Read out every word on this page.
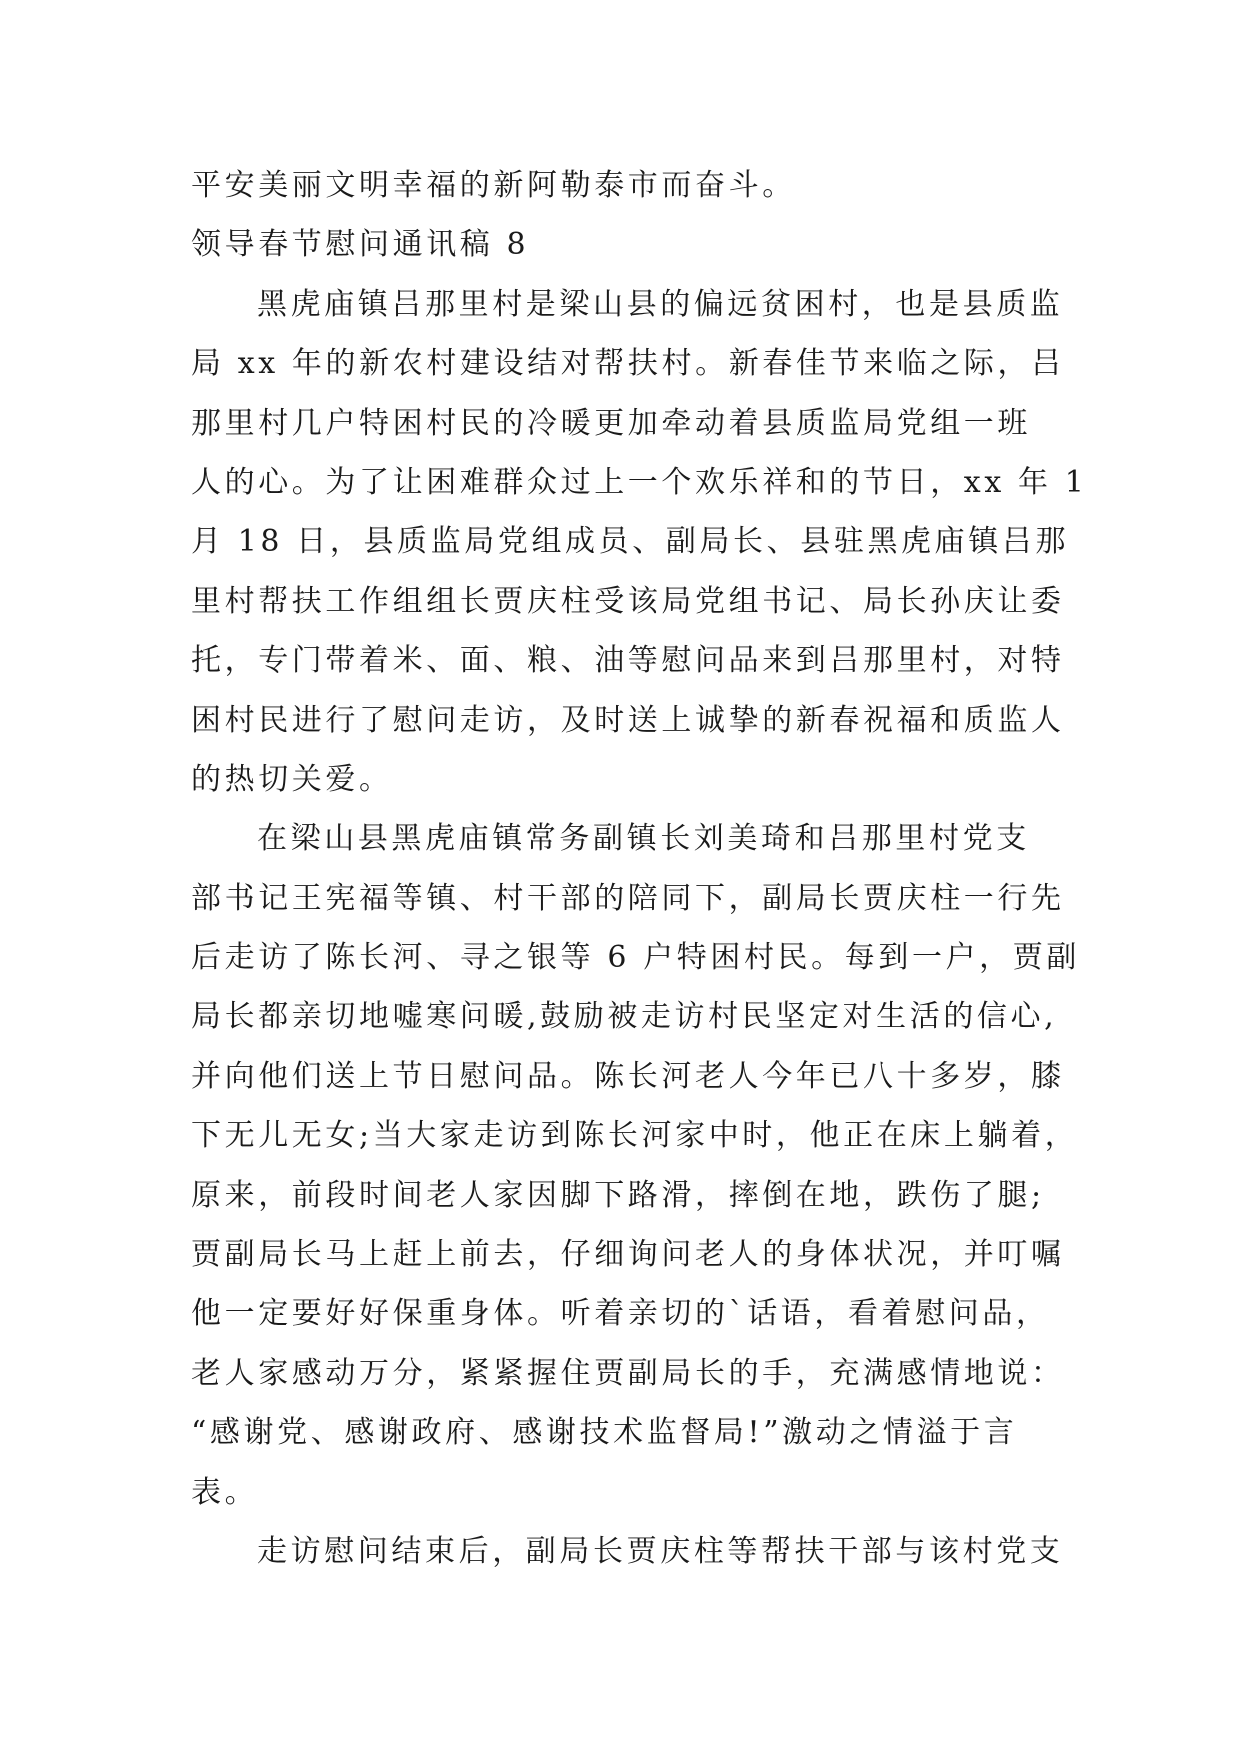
平安美丽文明幸福的新阿勒泰市而奋斗。
领导春节慰问通讯稿 8
黑虎庙镇吕那里村是梁山县的偏远贫困村，也是县质监
局 xx 年的新农村建设结对帮扶村。新春佳节来临之际，吕
那里村几户特困村民的冷暖更加牵动着县质监局党组一班
人的心。为了让困难群众过上一个欢乐祥和的节日，xx 年 1
月 18 日，县质监局党组成员、副局长、县驻黑虎庙镇吕那
里村帮扶工作组组长贾庆柱受该局党组书记、局长孙庆让委
托，专门带着米、面、粮、油等慰问品来到吕那里村，对特
困村民进行了慰问走访，及时送上诚挚的新春祝福和质监人
的热切关爱。
在梁山县黑虎庙镇常务副镇长刘美琦和吕那里村党支
部书记王宪福等镇、村干部的陪同下，副局长贾庆柱一行先
后走访了陈长河、寻之银等 6 户特困村民。每到一户，贾副
局长都亲切地嘘寒问暖,鼓励被走访村民坚定对生活的信心,
并向他们送上节日慰问品。陈长河老人今年已八十多岁，膝
下无儿无女;当大家走访到陈长河家中时，他正在床上躺着，
原来，前段时间老人家因脚下路滑，摔倒在地，跌伤了腿;
贾副局长马上赶上前去，仔细询问老人的身体状况，并叮嘱
他一定要好好保重身体。听着亲切的`话语，看着慰问品，
老人家感动万分，紧紧握住贾副局长的手，充满感情地说：
“感谢党、感谢政府、感谢技术监督局!”激动之情溢于言
表。
走访慰问结束后，副局长贾庆柱等帮扶干部与该村党支
